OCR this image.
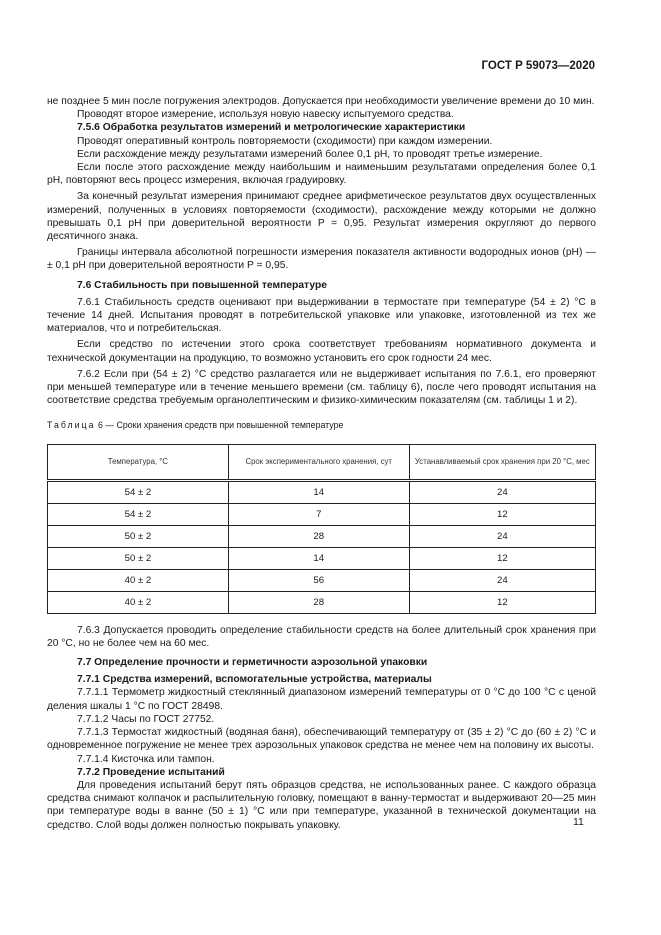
ГОСТ Р 59073—2020

не позднее 5 мин после погружения электродов. Допускается при необходимости увеличение времени до 10 мин.

Проводят второе измерение, используя новую навеску испытуемого средства.

7.5.6 Обработка результатов измерений и метрологические характеристики

Проводят оперативный контроль повторяемости (сходимости) при каждом измерении.

Если расхождение между результатами измерений более 0,1 pH, то проводят третье измерение.

Если после этого расхождение между наибольшим и наименьшим результатами определения более 0,1 pH, повторяют весь процесс измерения, включая градуировку.

За конечный результат измерения принимают среднее арифметическое результатов двух осуществленных измерений, полученных в условиях повторяемости (сходимости), расхождение между которыми не должно превышать 0,1 pH при доверительной вероятности P = 0,95. Результат измерения округляют до первого десятичного знака.

Границы интервала абсолютной погрешности измерения показателя активности водородных ионов (pH) — ± 0,1 pH при доверительной вероятности P = 0,95.

7.6 Стабильность при повышенной температуре

7.6.1 Стабильность средств оценивают при выдерживании в термостате при температуре (54 ± 2) °С в течение 14 дней. Испытания проводят в потребительской упаковке или упаковке, изготовленной из тех же материалов, что и потребительская.

Если средство по истечении этого срока соответствует требованиям нормативного документа и технической документации на продукцию, то возможно установить его срок годности 24 мес.

7.6.2 Если при (54 ± 2) °С средство разлагается или не выдерживает испытания по 7.6.1, его проверяют при меньшей температуре или в течение меньшего времени (см. таблицу 6), после чего проводят испытания на соответствие средства требуемым органолептическим и физико-химическим показателям (см. таблицы 1 и 2).

Таблица 6 — Сроки хранения средств при повышенной температуре

Температура, °С	Срок экспериментального хранения, сут	Устанавливаемый срок хранения при 20 °С, мес
54 ± 2	14	24
54 ± 2	7	12
50 ± 2	28	24
50 ± 2	14	12
40 ± 2	56	24
40 ± 2	28	12

7.6.3 Допускается проводить определение стабильности средств на более длительный срок хранения при 20 °С, но не более чем на 60 мес.

7.7 Определение прочности и герметичности аэрозольной упаковки

7.7.1 Средства измерений, вспомогательные устройства, материалы

7.7.1.1 Термометр жидкостный стеклянный диапазоном измерений температуры от 0 °С до 100 °С с ценой деления шкалы 1 °С по ГОСТ 28498.

7.7.1.2 Часы по ГОСТ 27752.

7.7.1.3 Термостат жидкостный (водяная баня), обеспечивающий температуру от (35 ± 2) °С до (60 ± 2) °С и одновременное погружение не менее трех аэрозольных упаковок средства не менее чем на половину их высоты.

7.7.1.4 Кисточка или тампон.

7.7.2 Проведение испытаний

Для проведения испытаний берут пять образцов средства, не использованных ранее. С каждого образца средства снимают колпачок и распылительную головку, помещают в ванну-термостат и выдерживают 20—25 мин при температуре воды в ванне (50 ± 1) °С или при температуре, указанной в технической документации на средство. Слой воды должен полностью покрывать упаковку.	11
